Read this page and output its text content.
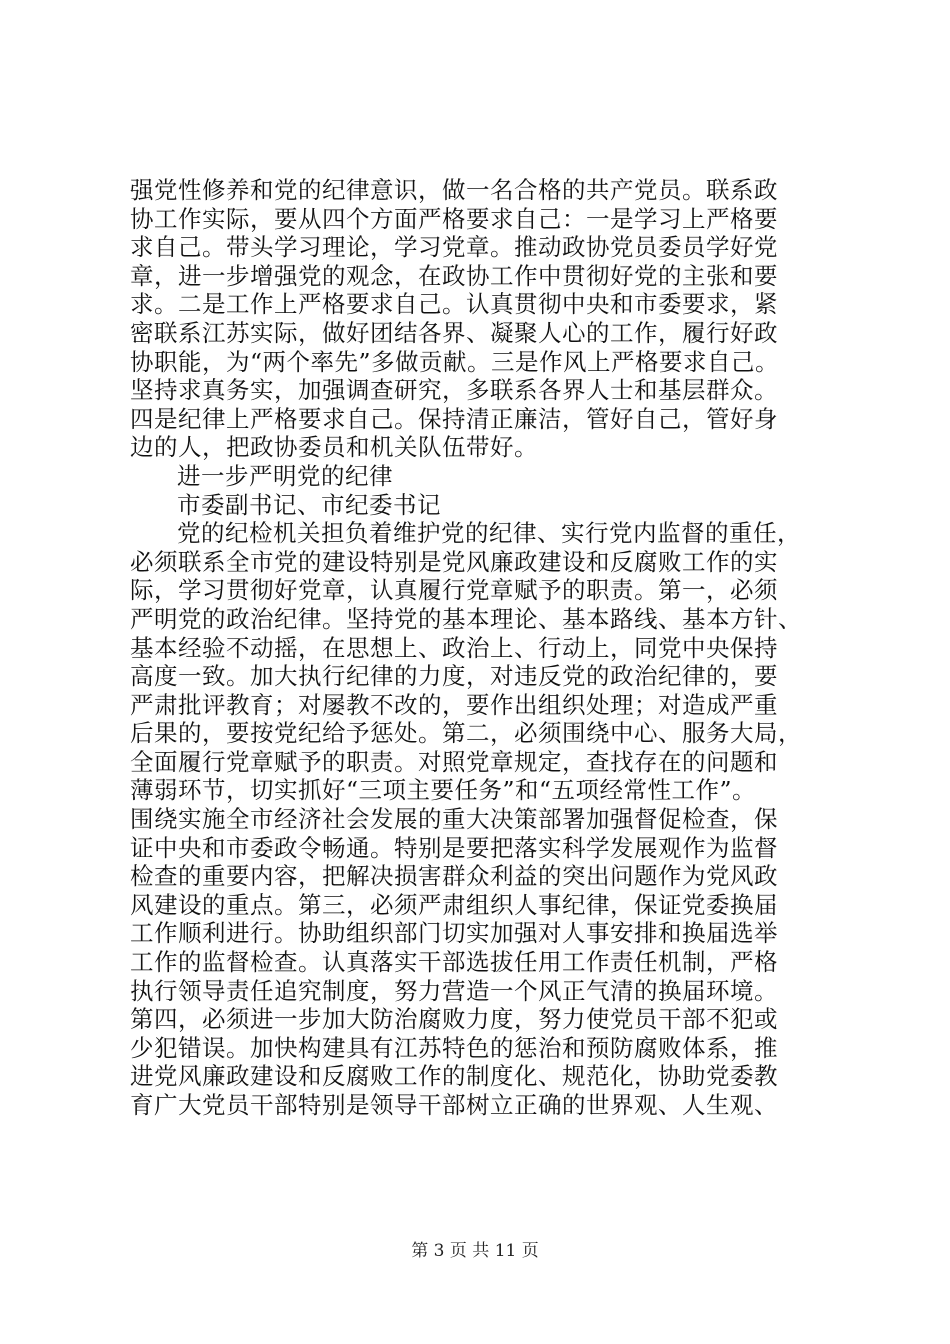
强党性修养和党的纪律意识，做一名合格的共产党员。联系政
协工作实际，要从四个方面严格要求自己：一是学习上严格要
求自己。带头学习理论，学习党章。推动政协党员委员学好党
章，进一步增强党的观念，在政协工作中贯彻好党的主张和要
求。二是工作上严格要求自己。认真贯彻中央和市委要求，紧
密联系江苏实际，做好团结各界、凝聚人心的工作，履行好政
协职能，为“两个率先”多做贡献。三是作风上严格要求自己。
坚持求真务实，加强调查研究，多联系各界人士和基层群众。
四是纪律上严格要求自己。保持清正廉洁，管好自己，管好身
边的人，把政协委员和机关队伍带好。
进一步严明党的纪律
市委副书记、市纪委书记
党的纪检机关担负着维护党的纪律、实行党内监督的重任，
必须联系全市党的建设特别是党风廉政建设和反腐败工作的实
际，学习贯彻好党章，认真履行党章赋予的职责。第一，必须
严明党的政治纪律。坚持党的基本理论、基本路线、基本方针、
基本经验不动摇，在思想上、政治上、行动上，同党中央保持
高度一致。加大执行纪律的力度，对违反党的政治纪律的，要
严肃批评教育；对屡教不改的，要作出组织处理；对造成严重
后果的，要按党纪给予惩处。第二，必须围绕中心、服务大局，
全面履行党章赋予的职责。对照党章规定，查找存在的问题和
薄弱环节，切实抓好“三项主要任务”和“五项经常性工作”。
围绕实施全市经济社会发展的重大决策部署加强督促检查，保
证中央和市委政令畅通。特别是要把落实科学发展观作为监督
检查的重要内容，把解决损害群众利益的突出问题作为党风政
风建设的重点。第三，必须严肃组织人事纪律，保证党委换届
工作顺利进行。协助组织部门切实加强对人事安排和换届选举
工作的监督检查。认真落实干部选拔任用工作责任机制，严格
执行领导责任追究制度，努力营造一个风正气清的换届环境。
第四，必须进一步加大防治腐败力度，努力使党员干部不犯或
少犯错误。加快构建具有江苏特色的惩治和预防腐败体系，推
进党风廉政建设和反腐败工作的制度化、规范化，协助党委教
育广大党员干部特别是领导干部树立正确的世界观、人生观、
第 3 页 共 11 页
